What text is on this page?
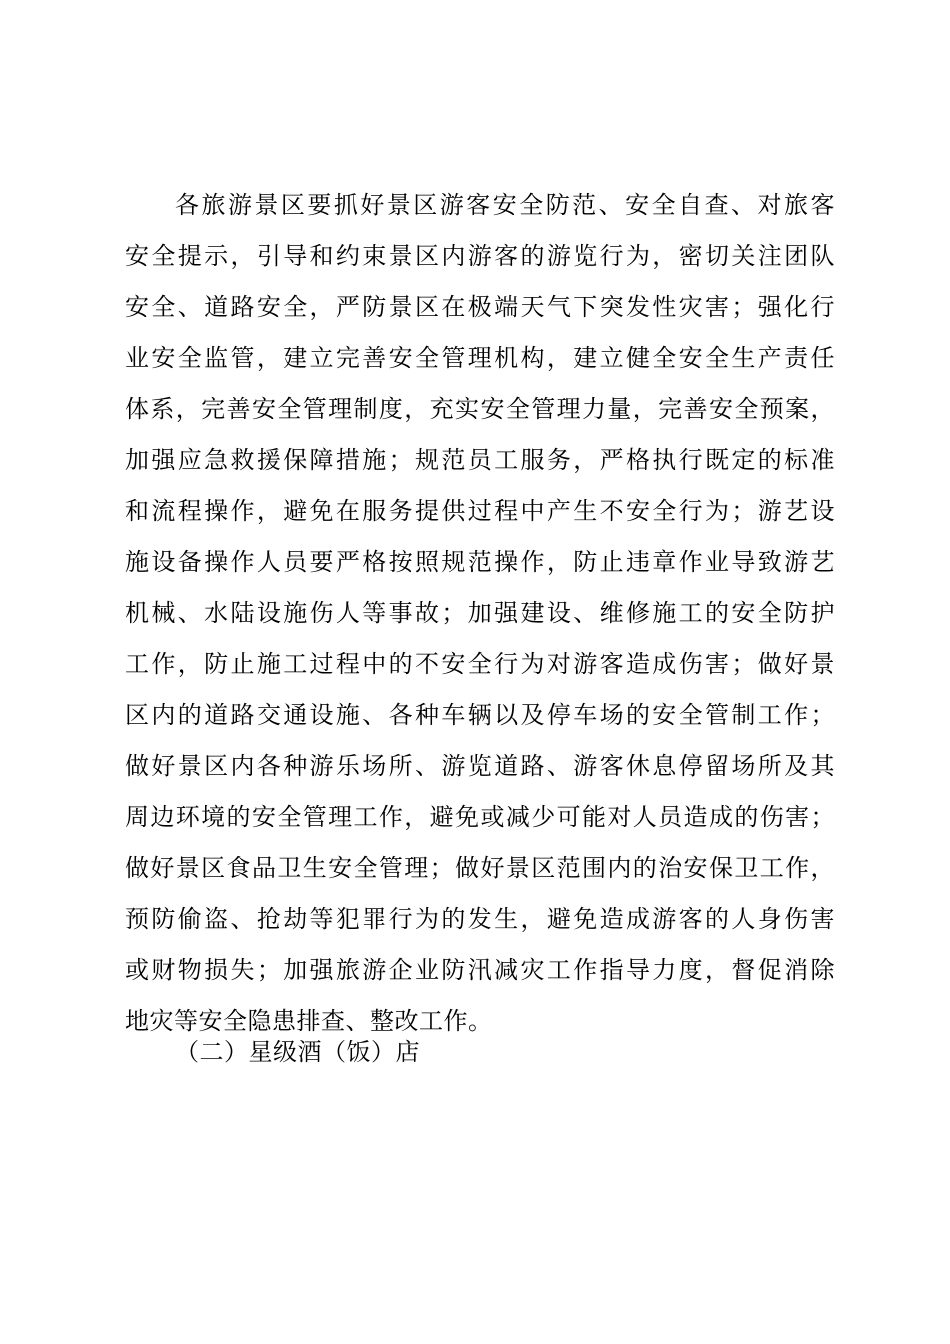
各旅游景区要抓好景区游客安全防范、安全自查、对旅客
安全提示，引导和约束景区内游客的游览行为，密切关注团队
安全、道路安全，严防景区在极端天气下突发性灾害；强化行
业安全监管，建立完善安全管理机构，建立健全安全生产责任
体系，完善安全管理制度，充实安全管理力量，完善安全预案，
加强应急救援保障措施；规范员工服务，严格执行既定的标准
和流程操作，避免在服务提供过程中产生不安全行为；游艺设
施设备操作人员要严格按照规范操作，防止违章作业导致游艺
机械、水陆设施伤人等事故；加强建设、维修施工的安全防护
工作，防止施工过程中的不安全行为对游客造成伤害；做好景
区内的道路交通设施、各种车辆以及停车场的安全管制工作；
做好景区内各种游乐场所、游览道路、游客休息停留场所及其
周边环境的安全管理工作，避免或减少可能对人员造成的伤害；
做好景区食品卫生安全管理；做好景区范围内的治安保卫工作，
预防偷盗、抢劫等犯罪行为的发生，避免造成游客的人身伤害
或财物损失；加强旅游企业防汛减灾工作指导力度，督促消除
地灾等安全隐患排查、整改工作。
（二）星级酒（饭）店
